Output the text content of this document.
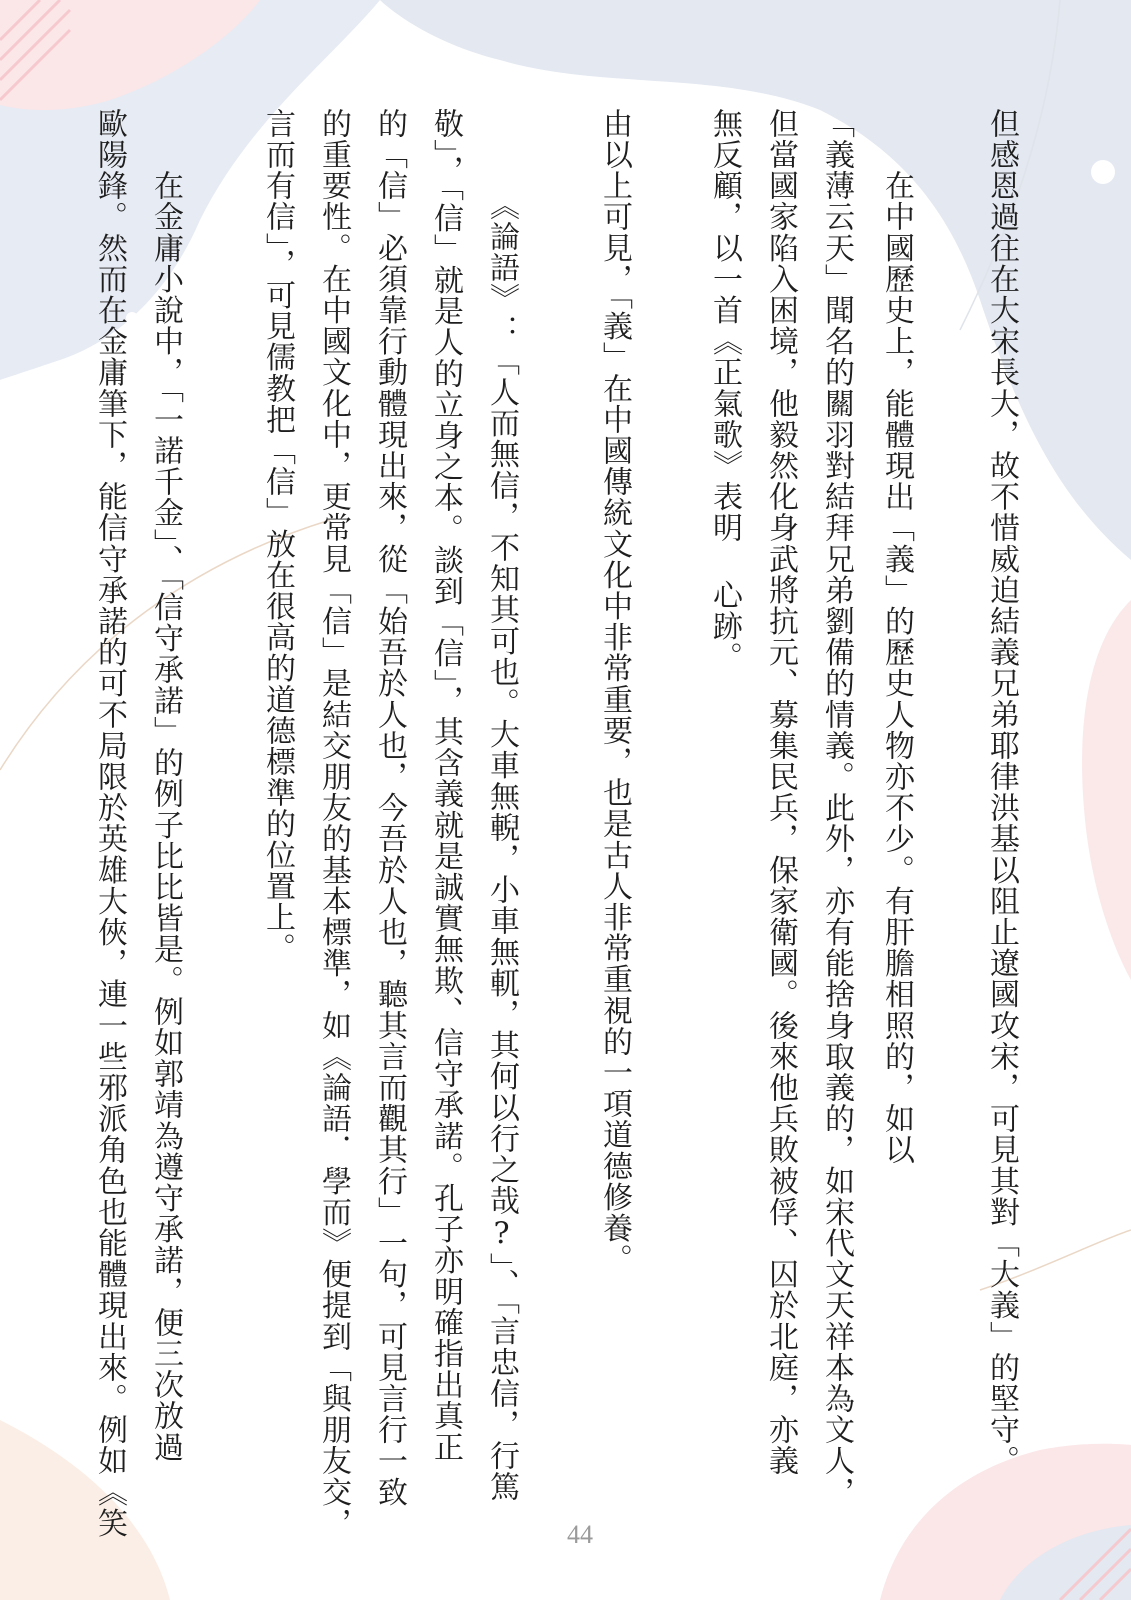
但感恩過往在大宋長大，故不惜威迫結義兄弟耶律洪基以阻止遼國攻宋，可見其對「大義」的堅守。
　　在中國歷史上，能體現出「義」的歷史人物亦不少。有肝膽相照的，如以
「義薄云天」聞名的關羽對結拜兄弟劉備的情義。此外，亦有能捨身取義的，如宋代文天祥本為文人，
但當國家陷入困境，他毅然化身武將抗元、募集民兵，保家衛國。後來他兵敗被俘、囚於北庭，亦義
無反顧，以一首《正氣歌》表明 心跡。
由以上可見，「義」在中國傳統文化中非常重要，也是古人非常重視的一項道德修養。
《論語》：「人而無信，不知其可也。大車無輗，小車無軏，其何以行之哉?」、「言忠信，行篤
敬」，「信」就是人的立身之本。談到「信」，其含義就是誠實無欺、信守承諾。孔子亦明確指出真正
的「信」必須靠行動體現出來，從「始吾於人也，今吾於人也，聽其言而觀其行」一句，可見言行一致
的重要性。在中國文化中，更常見「信」是結交朋友的基本標準，如《論語．學而》便提到「與朋友交，
言而有信」，可見儒教把「信」放在很高的道德標準的位置上。
　　在金庸小說中，「一諾千金」、「信守承諾」的例子比比皆是。例如郭靖為遵守承諾，便三次放過
歐陽鋒。然而在金庸筆下，能信守承諾的可不局限於英雄大俠，連一些邪派角色也能體現出來。例如《笑	44
